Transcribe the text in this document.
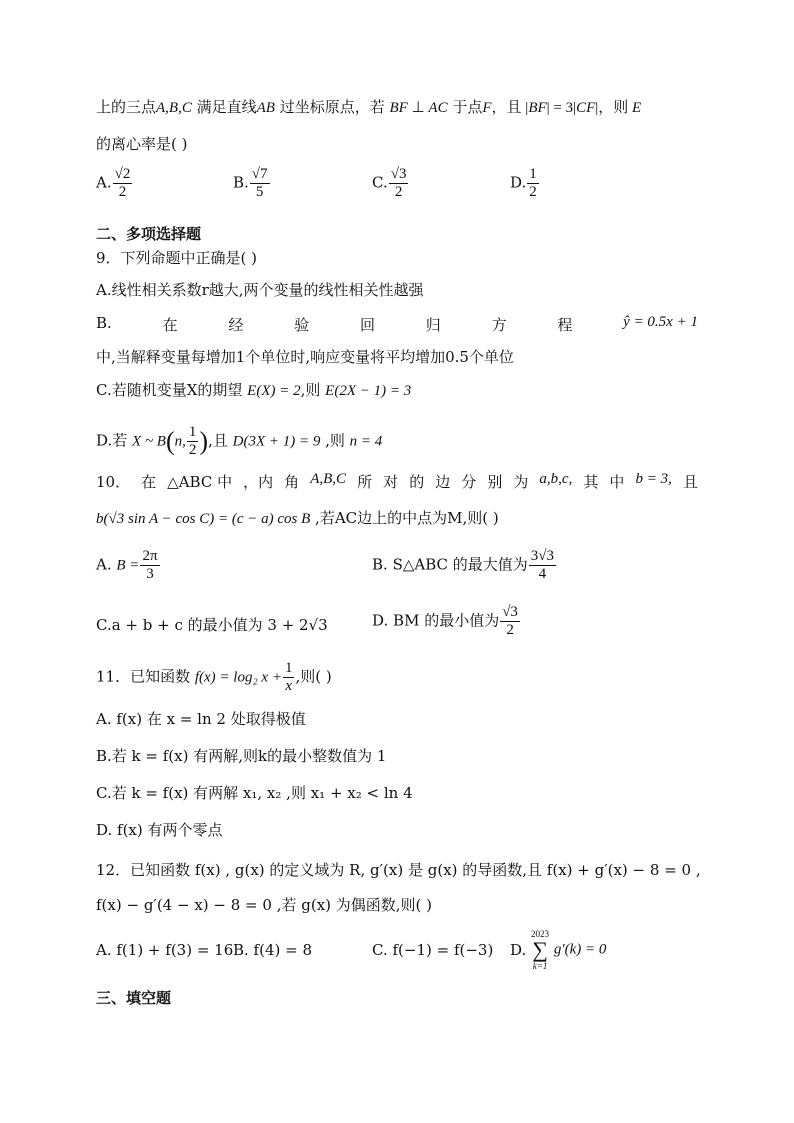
上的三点A,B,C 满足直线AB 过坐标原点，若 BF ⊥ AC 于点F，且 |BF| = 3|CF|，则 E
的离心率是( )
A. $\frac{√2}{2}$	B. $\frac{√7}{5}$	C. $\frac{√3}{2}$	D. $\frac{1}{2}$
二、多项选择题
9．下列命题中正确是( )
A.线性相关系数r越大,两个变量的线性相关性越强
B.	在	经	验	回	归	方	程	ŷ = 0.5x + 1
中,当解释变量每增加1个单位时,响应变量将平均增加0.5个单位
C.若随机变量X的期望 E(X) = 2,则 E(2X − 1) = 3
D.若 X ~ B(n, $\frac{1}{2}$ ),且 D(3X + 1) = 9 ,则 n = 4
10． 在 △ABC 中 ，内 角 A,B,C 所 对 的 边 分 别 为 a,b,c, 其 中 b = 3, 且
b(√3 sin A − cos C) = (c − a) cos B ,若AC边上的中点为M,则( )
A. $B = \frac{2\pi}{3}$	B. S△ABC 的最大值为 $\frac{3√3}{4}$
C.a + b + c 的最小值为 3 + 2√3	D. BM 的最小值为 $\frac{√3}{2}$
11．已知函数 f(x) = log₂ $x + \frac{1}{x}$ ,则( )
A. f(x) 在 x = ln 2 处取得极值
B.若 k = f(x) 有两解,则k的最小整数值为 1
C.若 k = f(x) 有两解 x₁, x₂ ,则 x₁ + x₂ < ln 4
D. f(x) 有两个零点
12．已知函数 f(x) , g(x) 的定义域为 R, g′(x) 是 g(x) 的导函数,且 f(x) + g′(x) − 8 = 0 ,
f(x) − g′(4 − x) − 8 = 0 ,若 g(x) 为偶函数,则( )
A. f(1) + f(3) = 16 B. f(4) = 8	C. f(−1) = f(−3) D.
2023
∑
k=1
g′(k) = 0
三、填空题
